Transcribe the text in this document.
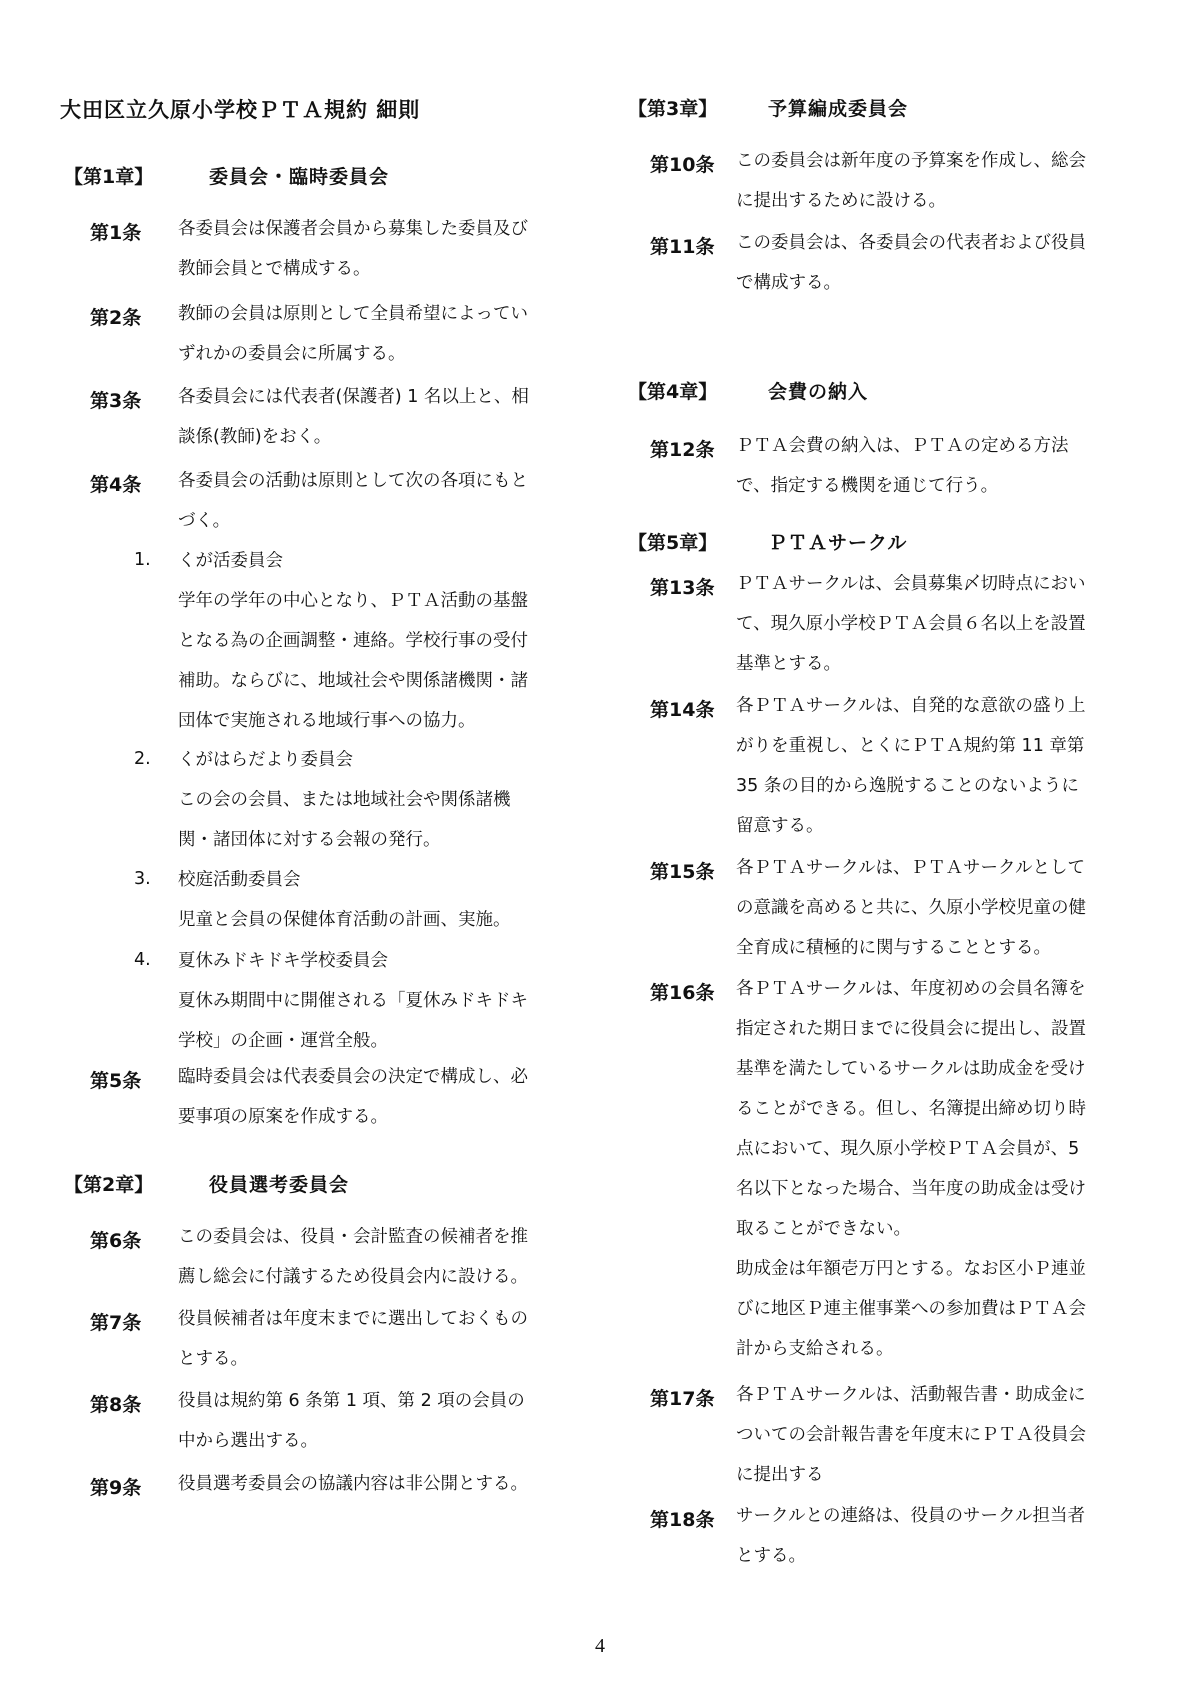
大田区立久原小学校ＰＴＡ規約 細則
【第1章】	委員会・臨時委員会
第1条 各委員会は保護者会員から募集した委員及び
教師会員とで構成する。
第2条 教師の会員は原則として全員希望によってい
ずれかの委員会に所属する。
第3条 各委員会には代表者(保護者) 1 名以上と、相
談係(教師)をおく。
第4条 各委員会の活動は原則として次の各項にもと
づく。
1. くが活委員会
学年の学年の中心となり、ＰＴＡ活動の基盤
となる為の企画調整・連絡。学校行事の受付
補助。ならびに、地域社会や関係諸機関・諸
団体で実施される地域行事への協力。
2. くがはらだより委員会
この会の会員、または地域社会や関係諸機
関・諸団体に対する会報の発行。
3. 校庭活動委員会
児童と会員の保健体育活動の計画、実施。
4. 夏休みドキドキ学校委員会
夏休み期間中に開催される「夏休みドキドキ
学校」の企画・運営全般。
第5条 臨時委員会は代表委員会の決定で構成し、必
要事項の原案を作成する。
【第2章】	役員選考委員会
第6条 この委員会は、役員・会計監査の候補者を推
薦し総会に付議するため役員会内に設ける。
第7条 役員候補者は年度末までに選出しておくもの
とする。
第8条 役員は規約第 6 条第 1 項、第 2 項の会員の
中から選出する。
第9条 役員選考委員会の協議内容は非公開とする。
【第3章】	予算編成委員会
第10条 この委員会は新年度の予算案を作成し、総会
に提出するために設ける。
第11条 この委員会は、各委員会の代表者および役員
で構成する。
【第4章】	会費の納入
第12条 ＰＴＡ会費の納入は、ＰＴＡの定める方法
で、指定する機関を通じて行う。
【第5章】	ＰＴＡサークル
第13条 ＰＴＡサークルは、会員募集〆切時点におい
て、現久原小学校ＰＴＡ会員６名以上を設置
基準とする。
第14条 各ＰＴＡサークルは、自発的な意欲の盛り上
がりを重視し、とくにＰＴＡ規約第 11 章第
35 条の目的から逸脱することのないように
留意する。
第15条 各ＰＴＡサークルは、ＰＴＡサークルとして
の意識を高めると共に、久原小学校児童の健
全育成に積極的に関与することとする。
第16条 各ＰＴＡサークルは、年度初めの会員名簿を
指定された期日までに役員会に提出し、設置
基準を満たしているサークルは助成金を受け
ることができる。但し、名簿提出締め切り時
点において、現久原小学校ＰＴＡ会員が、5
名以下となった場合、当年度の助成金は受け
取ることができない。
助成金は年額壱万円とする。なお区小Ｐ連並
びに地区Ｐ連主催事業への参加費はＰＴＡ会
計から支給される。
第17条 各ＰＴＡサークルは、活動報告書・助成金に
ついての会計報告書を年度末にＰＴＡ役員会
に提出する
第18条 サークルとの連絡は、役員のサークル担当者
とする。
4
